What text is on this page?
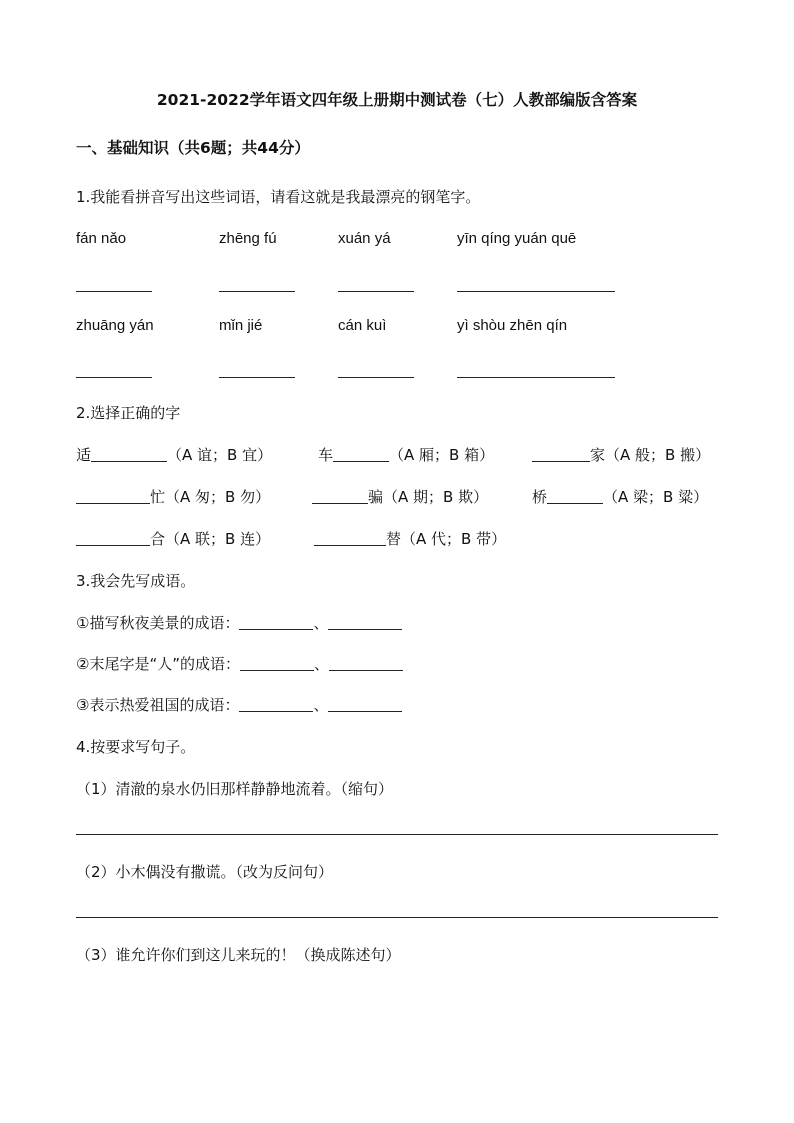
2021-2022学年语文四年级上册期中测试卷（七）人教部编版含答案
一、基础知识（共6题；共44分）
1.我能看拼音写出这些词语，请看这就是我最漂亮的钢笔字。
fán nǎo	zhēng fú	xuán yá	yīn qíng yuán quē
zhuāng yán	mǐn jié	cán kuì	yì shòu zhēn qín
2.选择正确的字
适	（A 谊；B 宜）	车	（A 厢；B 箱）	家（A 般；B 搬）
忙（A 匆；B 勿）	骗（A 期；B 欺）	桥	（A 梁；B 粱）
合（A 联；B 连）	替（A 代；B 带）
3.我会先写成语。
①描写秋夜美景的成语：	、
②末尾字是“人”的成语：	、
③表示热爱祖国的成语：	、
4.按要求写句子。
（1）清澈的泉水仍旧那样静静地流着。（缩句）
（2）小木偶没有撒谎。（改为反问句）
（3）谁允许你们到这儿来玩的！（换成陈述句）
